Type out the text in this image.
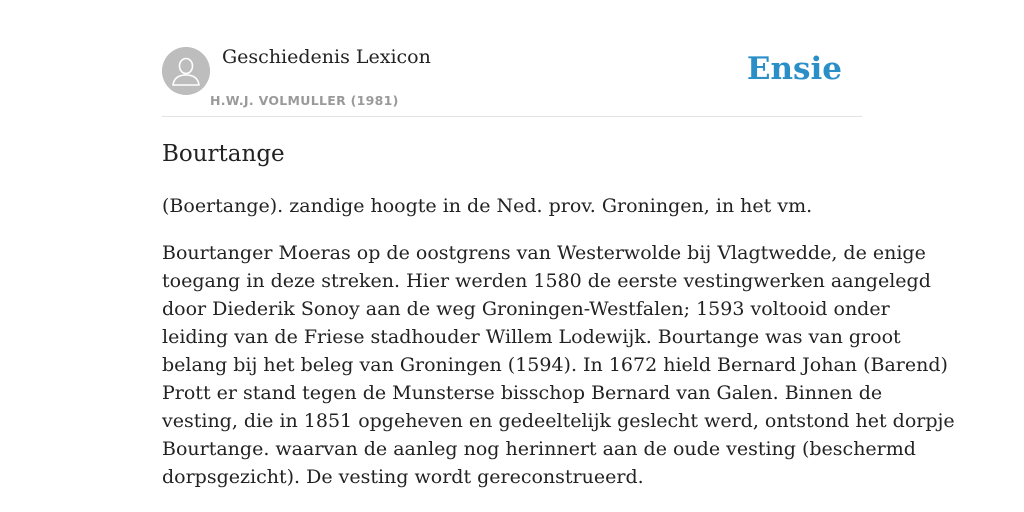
Geschiedenis Lexicon
H.W.J. VOLMULLER (1981)
Ensie
Bourtange

(Boertange). zandige hoogte in de Ned. prov. Groningen, in het vm.

Bourtanger Moeras op de oostgrens van Westerwolde bij Vlagtwedde, de enige
toegang in deze streken. Hier werden 1580 de eerste vestingwerken aangelegd
door Diederik Sonoy aan de weg Groningen-Westfalen; 1593 voltooid onder
leiding van de Friese stadhouder Willem Lodewijk. Bourtange was van groot
belang bij het beleg van Groningen (1594). In 1672 hield Bernard Johan (Barend)
Prott er stand tegen de Munsterse bisschop Bernard van Galen. Binnen de
vesting, die in 1851 opgeheven en gedeeltelijk geslecht werd, ontstond het dorpje
Bourtange. waarvan de aanleg nog herinnert aan de oude vesting (beschermd
dorpsgezicht). De vesting wordt gereconstrueerd.
